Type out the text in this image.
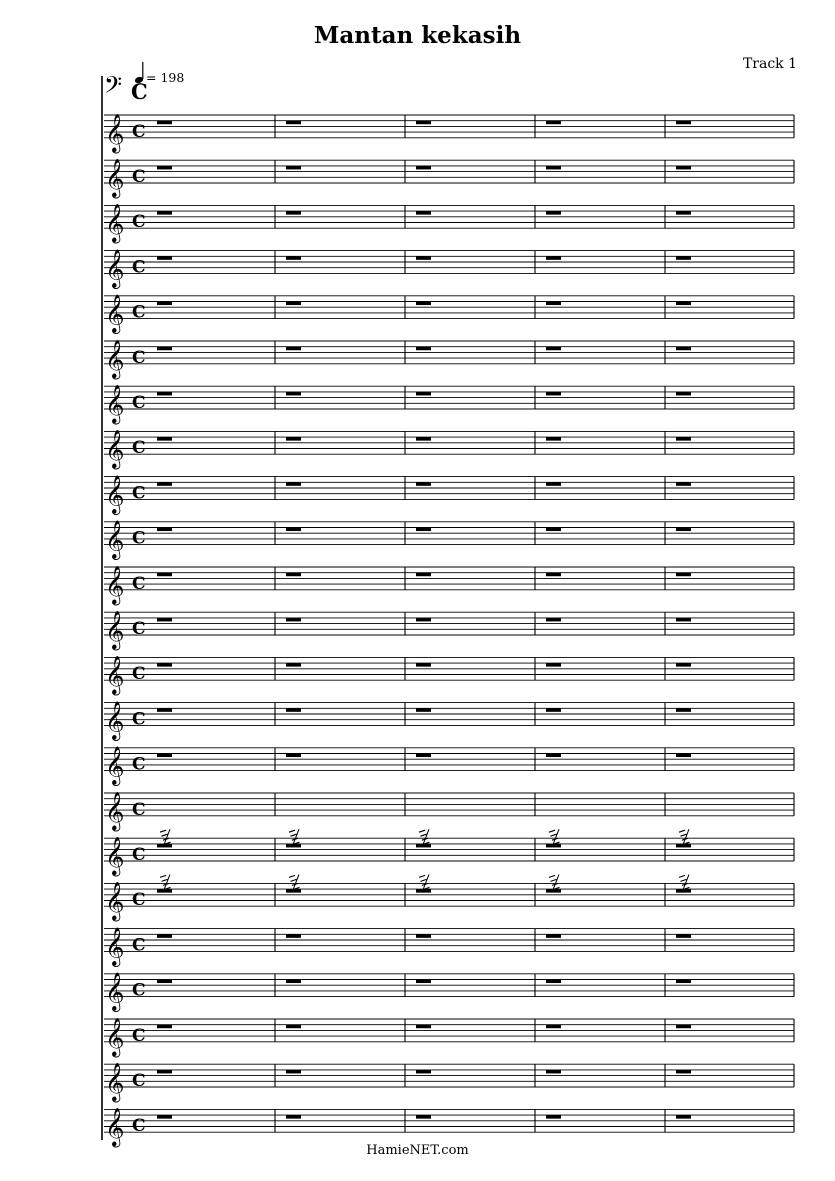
Mantan kekasih
Track 1
= 198
𝄢 C
𝄞 C
𝄞 C
𝄞 C
𝄞 C
𝄞 C
𝄞 C
𝄞 C
𝄞 C
𝄞 C
𝄞 C
𝄞 C
𝄞 C
𝄞 C
𝄞 C
𝄞 C
𝄞 C
𝄞 C
𝄞 C
𝄞 C
𝄞 C
𝄞 C
𝄞 C
𝄞 C
HamieNET.com
